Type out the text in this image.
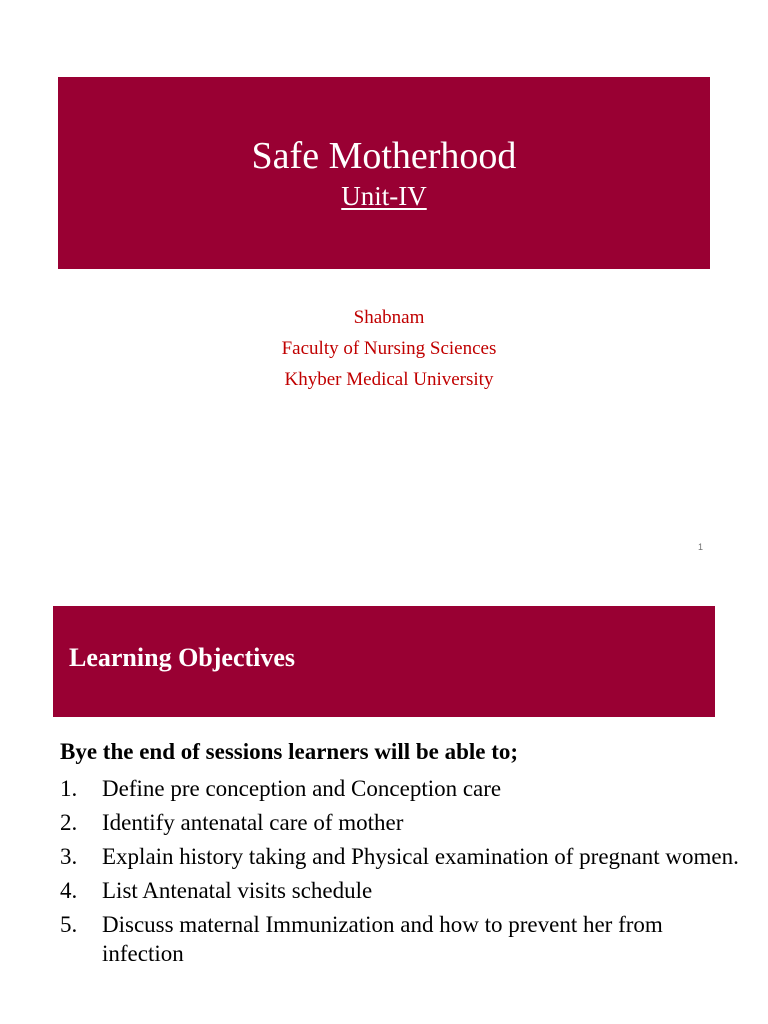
Safe Motherhood
Unit-IV
Shabnam
Faculty of Nursing Sciences
Khyber Medical University
1
Learning Objectives
Bye the end of sessions learners will be able to;
1.	Define pre conception and Conception care
2.	Identify antenatal care of mother
3.	Explain history taking and Physical examination of pregnant women.
4.	List Antenatal visits schedule
5.	Discuss maternal Immunization and how to prevent her from infection
